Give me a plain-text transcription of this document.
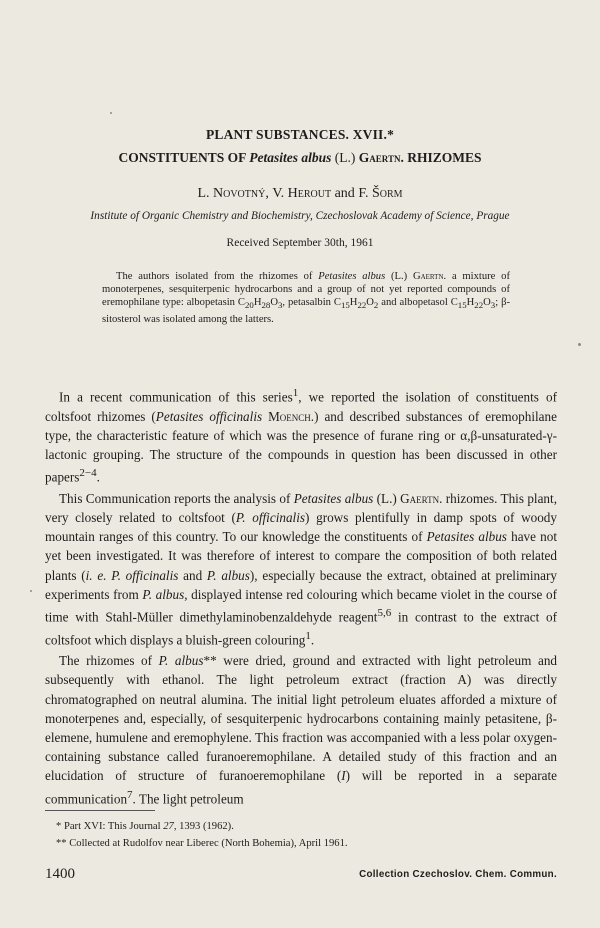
PLANT SUBSTANCES. XVII.*
CONSTITUENTS OF Petasites albus (L.) Gaertn. RHIZOMES
L. Novotný, V. Herout and F. Šorm
Institute of Organic Chemistry and Biochemistry, Czechoslovak Academy of Science, Prague
Received September 30th, 1961

The authors isolated from the rhizomes of Petasites albus (L.) Gaertn. a mixture of monoterpenes, sesquiterpenic hydrocarbons and a group of not yet reported compounds of eremophilane type: albopetasin $C_{20}H_{28}O_3$, petasalbin $C_{15}H_{22}O_2$ and albopetasol $C_{15}H_{22}O_3$; β-sitosterol was isolated among the latters.

In a recent communication of this series$^1$, we reported the isolation of constituents of coltsfoot rhizomes (Petasites officinalis Moench.) and described substances of eremophilane type, the characteristic feature of which was the presence of furane ring or α,β-unsaturated-γ-lactonic grouping. The structure of the compounds in question has been discussed in other papers$^{2-4}$.

This Communication reports the analysis of Petasites albus (L.) Gaertn. rhizomes. This plant, very closely related to coltsfoot (P. officinalis) grows plentifully in damp spots of woody mountain ranges of this country. To our knowledge the constituents of Petasites albus have not yet been investigated. It was therefore of interest to compare the composition of both related plants (i. e. P. officinalis and P. albus), especially because the extract, obtained at preliminary experiments from P. albus, displayed intense red colouring which became violet in the course of time with Stahl-Müller dimethylaminobenzaldehyde reagent$^{5,6}$ in contrast to the extract of coltsfoot which displays a bluish-green colouring$^1$.

The rhizomes of P. albus** were dried, ground and extracted with light petroleum and subsequently with ethanol. The light petroleum extract (fraction A) was directly chromatographed on neutral alumina. The initial light petroleum eluates afforded a mixture of monoterpenes and, especially, of sesquiterpenic hydrocarbons containing mainly petasitene, β-elemene, humulene and eremophylene. This fraction was accompanied with a less polar oxygen-containing substance called furanoeremophilane. A detailed study of this fraction and an elucidation of structure of furanoeremophilane (I) will be reported in a separate communication$^7$. The light petroleum

* Part XVI: This Journal 27, 1393 (1962).

** Collected at Rudolfov near Liberec (North Bohemia), April 1961.

1400	Collection Czechoslov. Chem. Commun.
